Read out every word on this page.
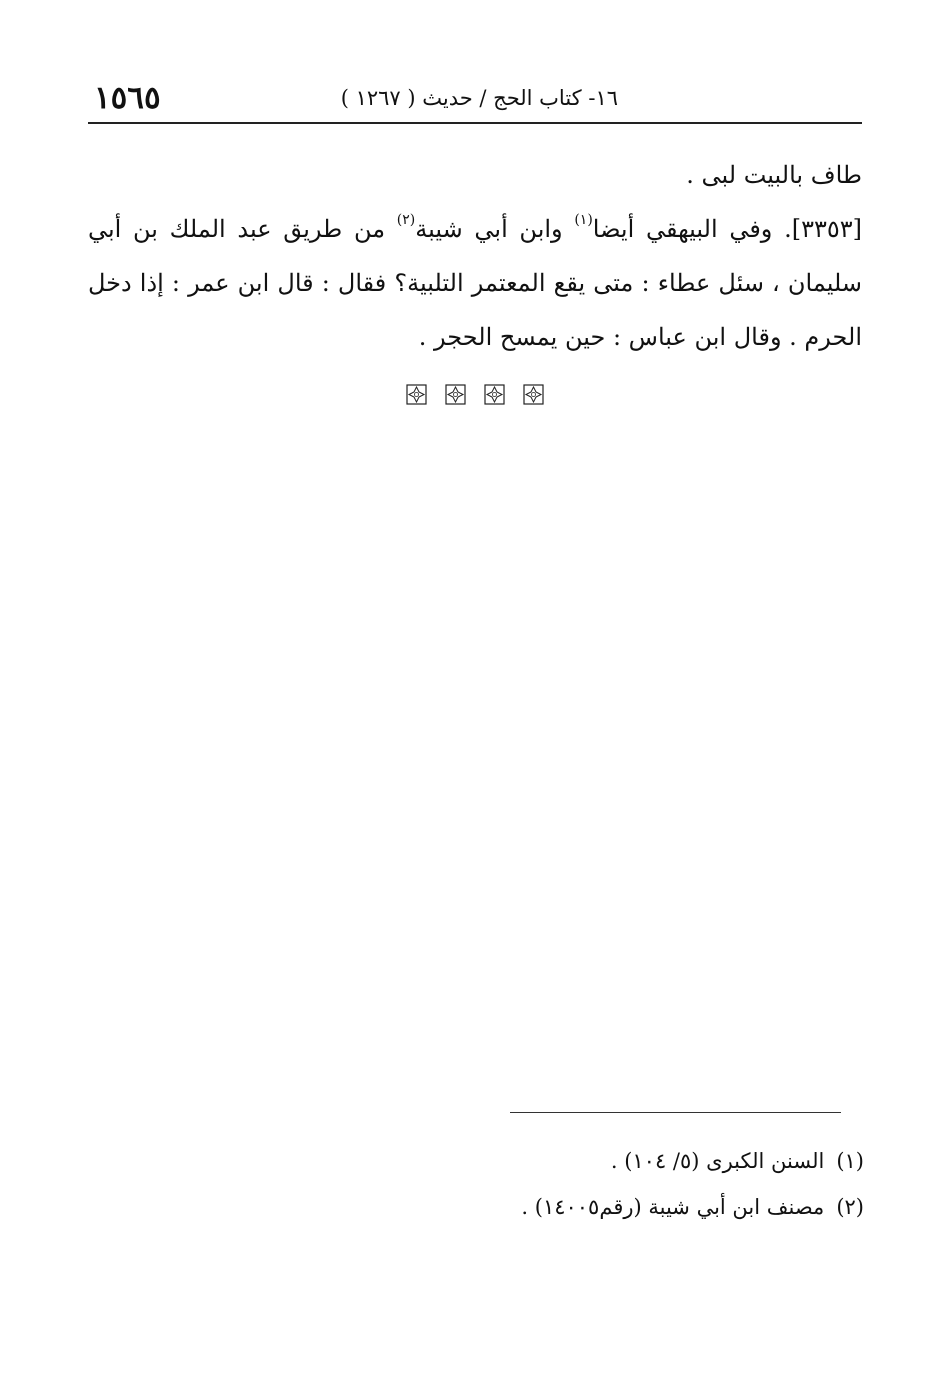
١٦- كتاب الحج / حديث ( ١٢٦٧ )
١٥٦٥
طاف بالبيت لبى .
[٣٣٥٣]. وفي البيهقي أيضا$^{(١)}$ وابن أبي شيبة$^{(٢)}$ من طريق عبد الملك بن أبي
سليمان ، سئل عطاء : متى يقع المعتمر التلبية؟ فقال : قال ابن عمر : إذا دخل
الحرم . وقال ابن عباس : حين يمسح الحجر .
(١)السنن الكبرى (٥/ ١٠٤) .
(٢)مصنف ابن أبي شيبة (رقم١٤٠٠٥) .
